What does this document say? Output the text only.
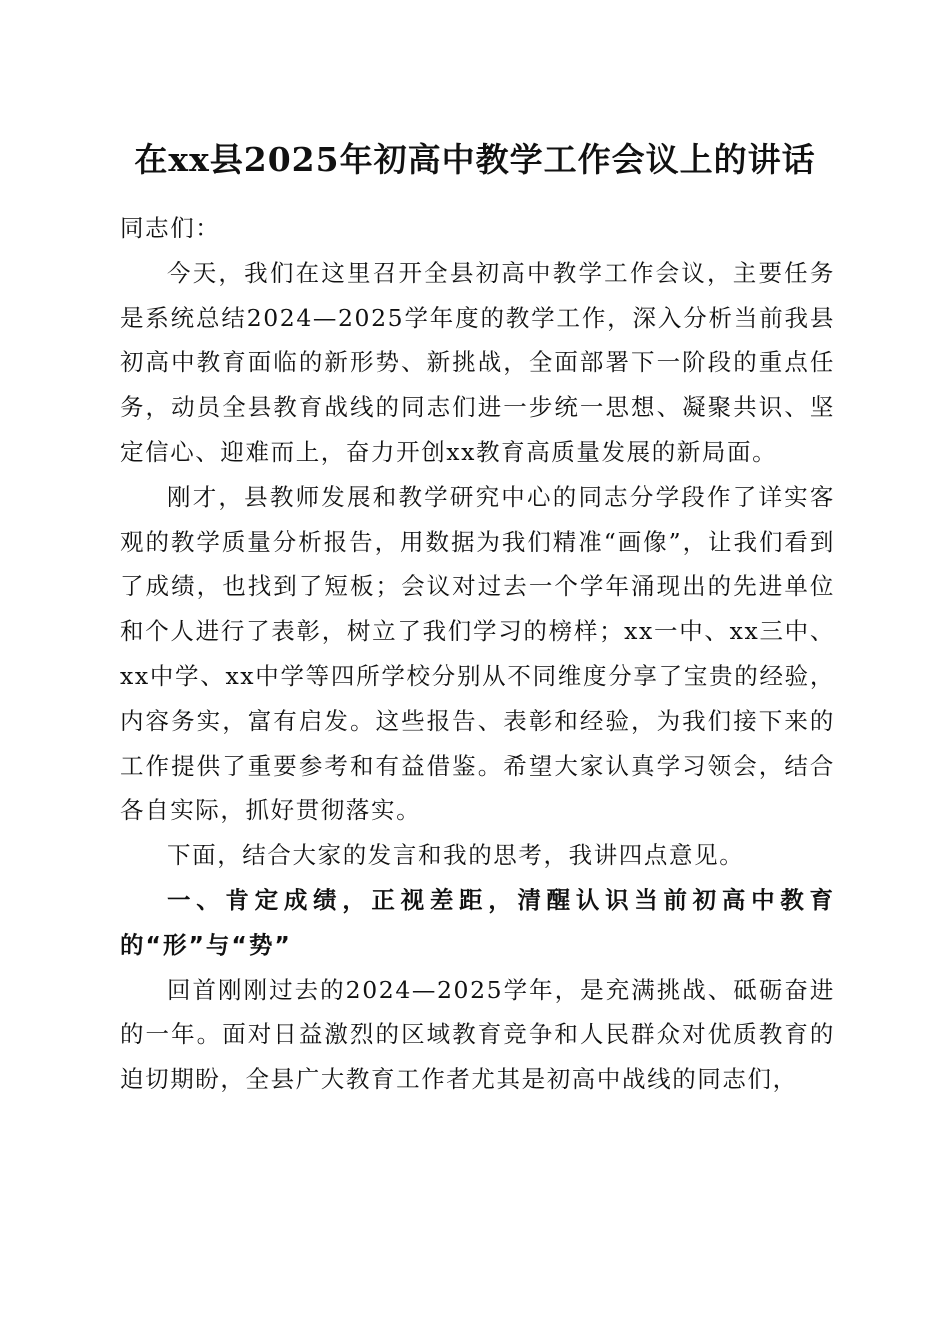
在xx县2025年初高中教学工作会议上的讲话

同志们：

今天，我们在这里召开全县初高中教学工作会议，主要任务是系统总结2024—2025学年度的教学工作，深入分析当前我县初高中教育面临的新形势、新挑战，全面部署下一阶段的重点任务，动员全县教育战线的同志们进一步统一思想、凝聚共识、坚定信心、迎难而上，奋力开创xx教育高质量发展的新局面。

刚才，县教师发展和教学研究中心的同志分学段作了详实客观的教学质量分析报告，用数据为我们精准“画像”，让我们看到了成绩，也找到了短板；会议对过去一个学年涌现出的先进单位和个人进行了表彰，树立了我们学习的榜样；xx一中、xx三中、xx中学、xx中学等四所学校分别从不同维度分享了宝贵的经验，内容务实，富有启发。这些报告、表彰和经验，为我们接下来的工作提供了重要参考和有益借鉴。希望大家认真学习领会，结合各自实际，抓好贯彻落实。

下面，结合大家的发言和我的思考，我讲四点意见。

一、肯定成绩，正视差距，清醒认识当前初高中教育的“形”与“势”

回首刚刚过去的2024—2025学年，是充满挑战、砥砺奋进的一年。面对日益激烈的区域教育竞争和人民群众对优质教育的迫切期盼，全县广大教育工作者尤其是初高中战线的同志们，
